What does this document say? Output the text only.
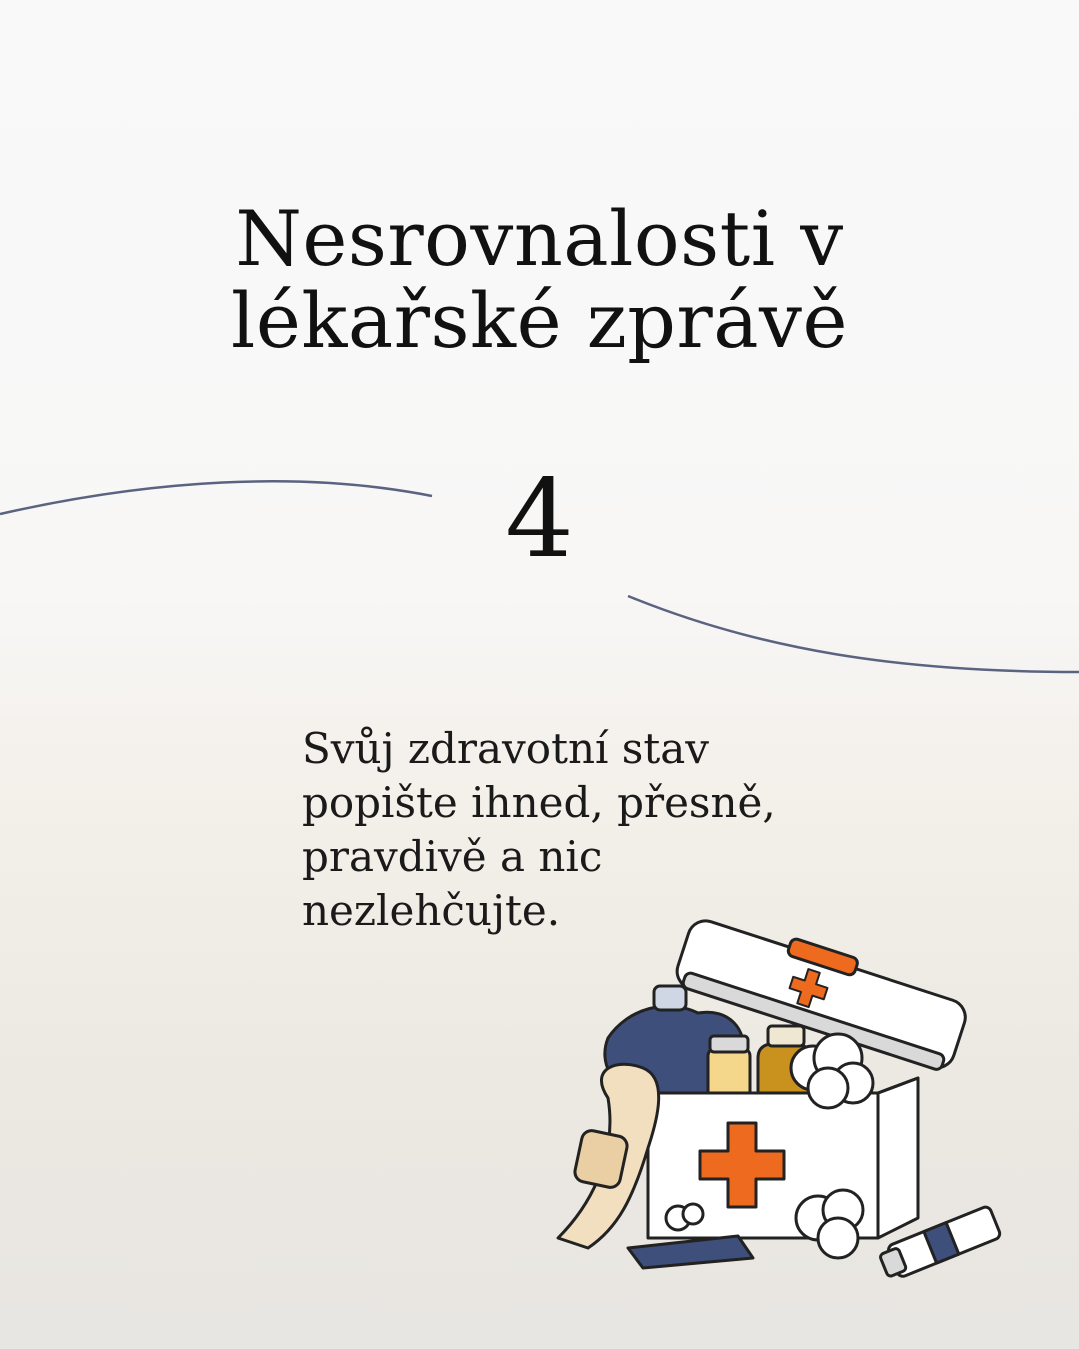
Nesrovnalosti v
lékařské zprávě
4
Svůj zdravotní stav
popište ihned, přesně,
pravdivě a nic
nezlehčujte.
